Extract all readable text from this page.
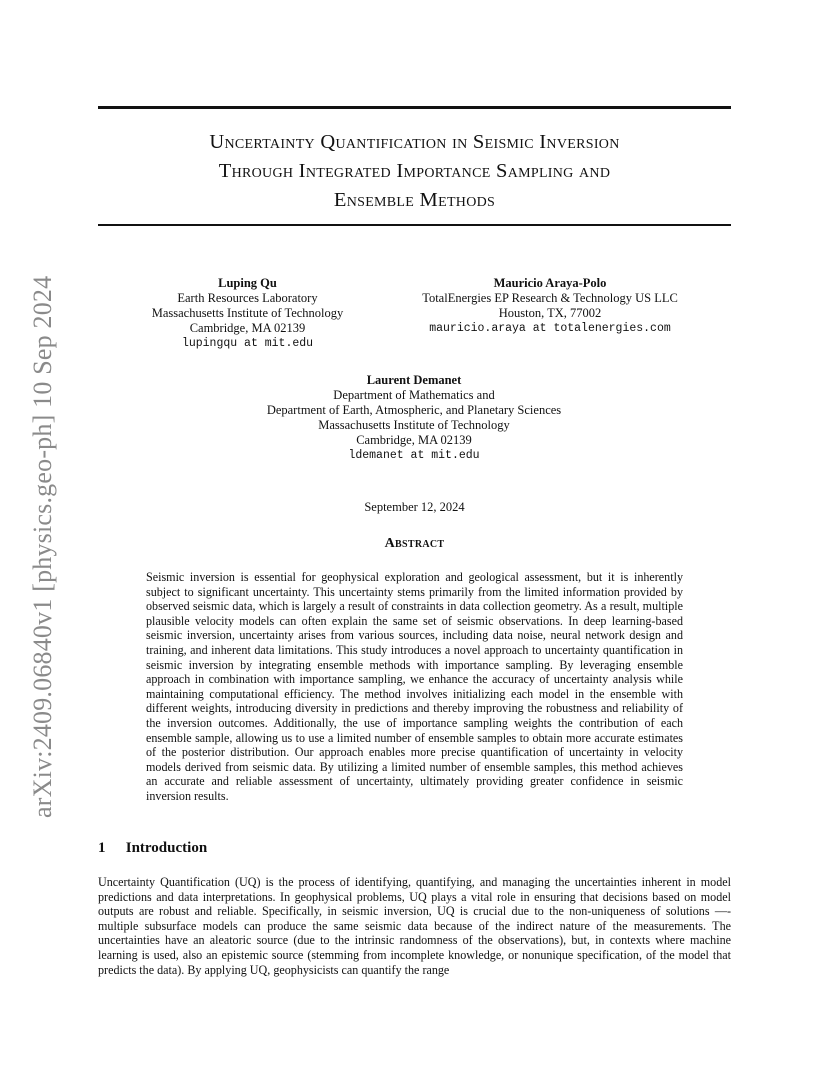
arXiv:2409.06840v1 [physics.geo-ph] 10 Sep 2024
Uncertainty Quantification in Seismic Inversion
Through Integrated Importance Sampling and
Ensemble Methods
Luping Qu
Earth Resources Laboratory
Massachusetts Institute of Technology
Cambridge, MA 02139
lupingqu at mit.edu
Mauricio Araya-Polo
TotalEnergies EP Research & Technology US LLC
Houston, TX, 77002
mauricio.araya at totalenergies.com
Laurent Demanet
Department of Mathematics and
Department of Earth, Atmospheric, and Planetary Sciences
Massachusetts Institute of Technology
Cambridge, MA 02139
ldemanet at mit.edu
September 12, 2024
Abstract
Seismic inversion is essential for geophysical exploration and geological assessment, but it is inherently subject to significant uncertainty. This uncertainty stems primarily from the limited information provided by observed seismic data, which is largely a result of constraints in data collection geometry. As a result, multiple plausible velocity models can often explain the same set of seismic observations. In deep learning-based seismic inversion, uncertainty arises from various sources, including data noise, neural network design and training, and inherent data limitations. This study introduces a novel approach to uncertainty quantification in seismic inversion by integrating ensemble methods with importance sampling. By leveraging ensemble approach in combination with importance sampling, we enhance the accuracy of uncertainty analysis while maintaining computational efficiency. The method involves initializing each model in the ensemble with different weights, introducing diversity in predictions and thereby improving the robustness and reliability of the inversion outcomes. Additionally, the use of importance sampling weights the contribution of each ensemble sample, allowing us to use a limited number of ensemble samples to obtain more accurate estimates of the posterior distribution. Our approach enables more precise quantification of uncertainty in velocity models derived from seismic data. By utilizing a limited number of ensemble samples, this method achieves an accurate and reliable assessment of uncertainty, ultimately providing greater confidence in seismic inversion results.
1 Introduction
Uncertainty Quantification (UQ) is the process of identifying, quantifying, and managing the uncertainties inherent in model predictions and data interpretations. In geophysical problems, UQ plays a vital role in ensuring that decisions based on model outputs are robust and reliable. Specifically, in seismic inversion, UQ is crucial due to the non-uniqueness of solutions —- multiple subsurface models can produce the same seismic data because of the indirect nature of the measurements. The uncertainties have an aleatoric source (due to the intrinsic randomness of the observations), but, in contexts where machine learning is used, also an epistemic source (stemming from incomplete knowledge, or nonunique specification, of the model that predicts the data). By applying UQ, geophysicists can quantify the range
